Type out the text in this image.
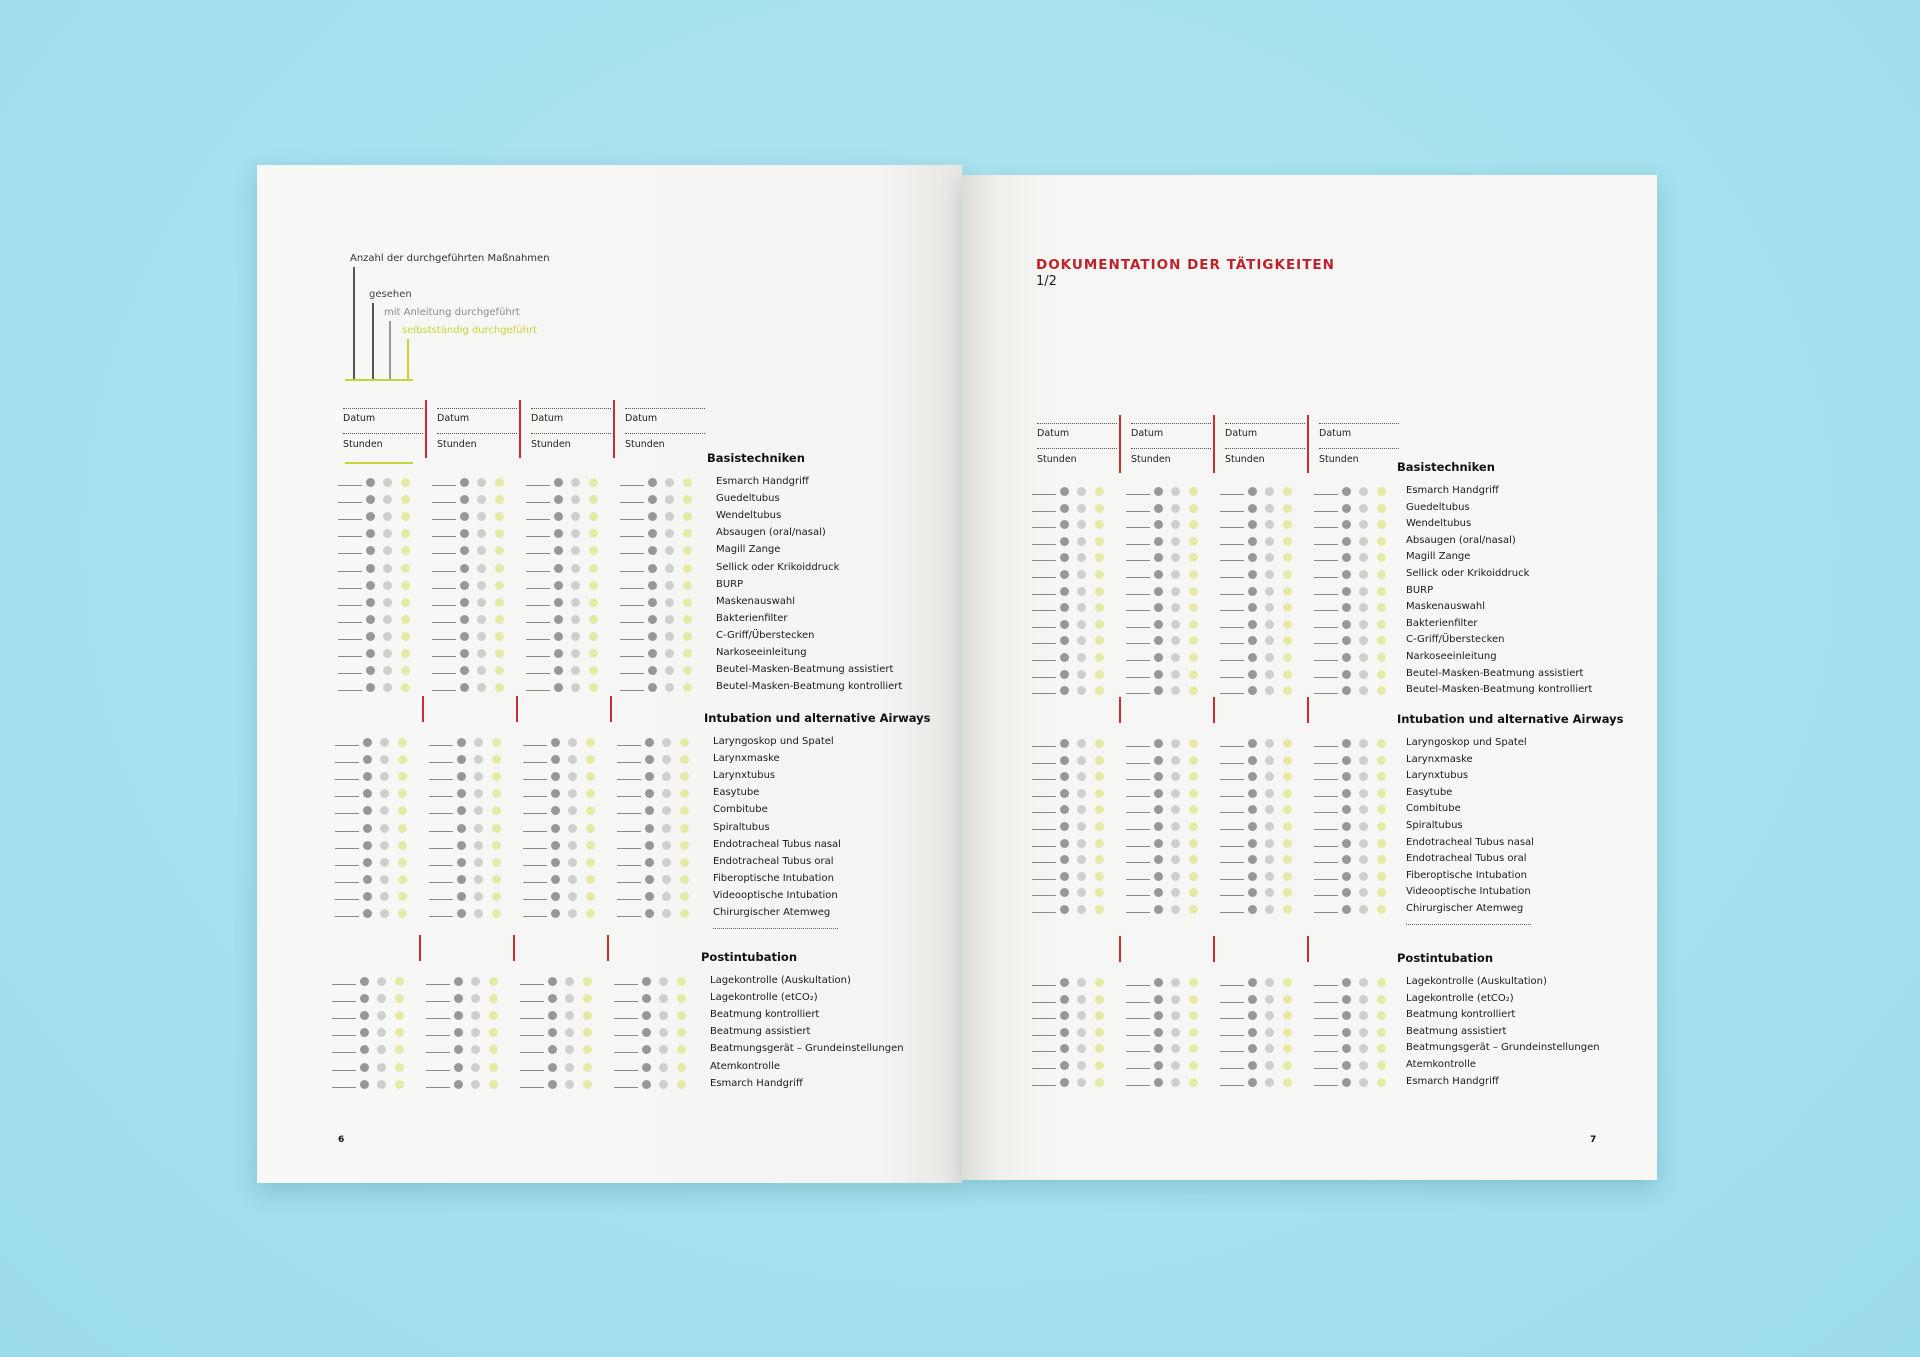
Anzahl der durchgeführten Maßnahmen
gesehen
mit Anleitung durchgeführt
selbstständig durchgeführt
Datum
Stunden
Datum
Stunden
Datum
Stunden
Datum
Stunden
Basistechniken
Esmarch Handgriff
Guedeltubus
Wendeltubus
Absaugen (oral/nasal)
Magill Zange
Sellick oder Krikoiddruck
BURP
Maskenauswahl
Bakterienfilter
C-Griff/Überstecken
Narkoseeinleitung
Beutel-Masken-Beatmung assistiert
Beutel-Masken-Beatmung kontrolliert
Intubation und alternative Airways
Laryngoskop und Spatel
Larynxmaske
Larynxtubus
Easytube
Combitube
Spiraltubus
Endotracheal Tubus nasal
Endotracheal Tubus oral
Fiberoptische Intubation
Videooptische Intubation
Chirurgischer Atemweg
Postintubation
Lagekontrolle (Auskultation)
Lagekontrolle (etCO₂)
Beatmung kontrolliert
Beatmung assistiert
Beatmungsgerät – Grundeinstellungen
Atemkontrolle
Esmarch Handgriff
6
DOKUMENTATION DER TÄTIGKEITEN
1/2
Datum
Stunden
Datum
Stunden
Datum
Stunden
Datum
Stunden
Basistechniken
Esmarch Handgriff
Guedeltubus
Wendeltubus
Absaugen (oral/nasal)
Magill Zange
Sellick oder Krikoiddruck
BURP
Maskenauswahl
Bakterienfilter
C-Griff/Überstecken
Narkoseeinleitung
Beutel-Masken-Beatmung assistiert
Beutel-Masken-Beatmung kontrolliert
Intubation und alternative Airways
Laryngoskop und Spatel
Larynxmaske
Larynxtubus
Easytube
Combitube
Spiraltubus
Endotracheal Tubus nasal
Endotracheal Tubus oral
Fiberoptische Intubation
Videooptische Intubation
Chirurgischer Atemweg
Postintubation
Lagekontrolle (Auskultation)
Lagekontrolle (etCO₂)
Beatmung kontrolliert
Beatmung assistiert
Beatmungsgerät – Grundeinstellungen
Atemkontrolle
Esmarch Handgriff
7
